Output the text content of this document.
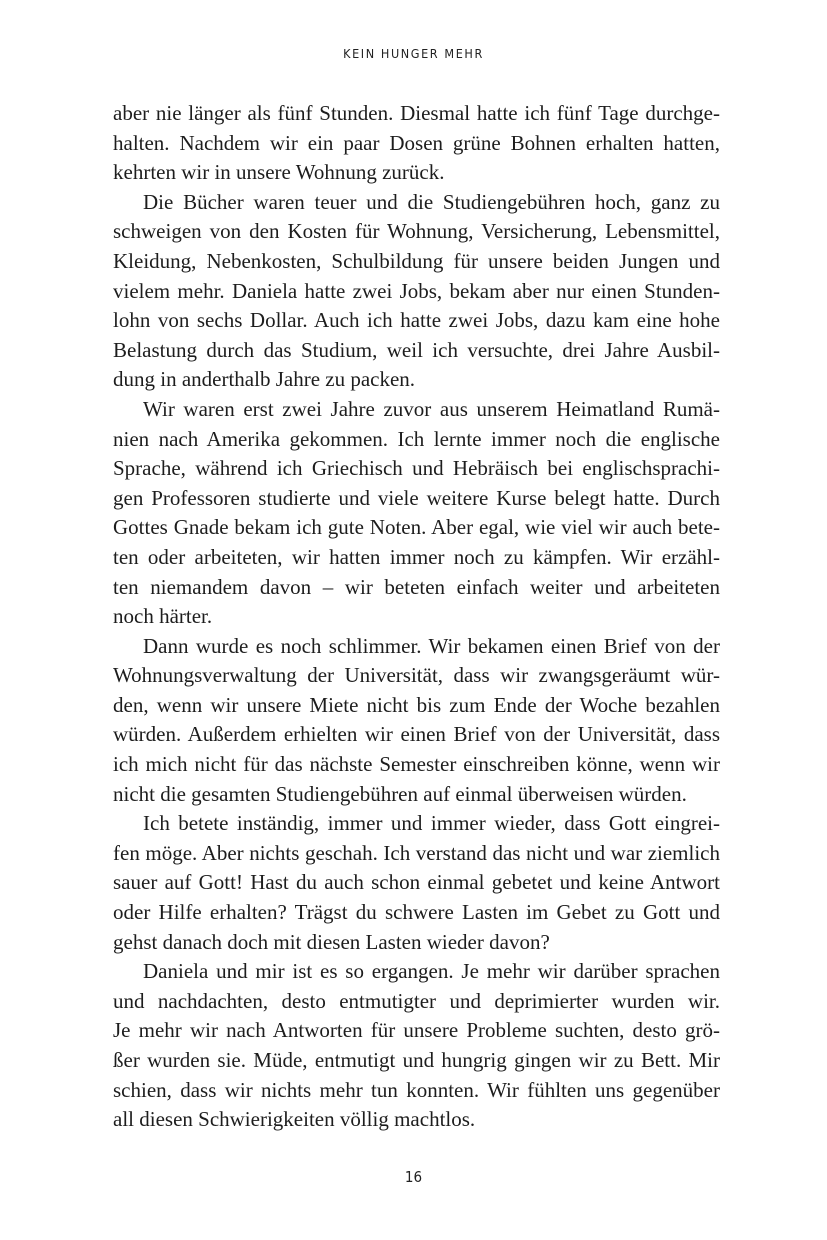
KEIN HUNGER MEHR
aber nie länger als fünf Stunden. Diesmal hatte ich fünf Tage durchge-
halten. Nachdem wir ein paar Dosen grüne Bohnen erhalten hatten,
kehrten wir in unsere Wohnung zurück.
Die Bücher waren teuer und die Studiengebühren hoch, ganz zu
schweigen von den Kosten für Wohnung, Versicherung, Lebensmittel,
Kleidung, Nebenkosten, Schulbildung für unsere beiden Jungen und
vielem mehr. Daniela hatte zwei Jobs, bekam aber nur einen Stunden-
lohn von sechs Dollar. Auch ich hatte zwei Jobs, dazu kam eine hohe
Belastung durch das Studium, weil ich versuchte, drei Jahre Ausbil-
dung in anderthalb Jahre zu packen.
Wir waren erst zwei Jahre zuvor aus unserem Heimatland Rumä-
nien nach Amerika gekommen. Ich lernte immer noch die englische
Sprache, während ich Griechisch und Hebräisch bei englischsprachi-
gen Professoren studierte und viele weitere Kurse belegt hatte. Durch
Gottes Gnade bekam ich gute Noten. Aber egal, wie viel wir auch bete-
ten oder arbeiteten, wir hatten immer noch zu kämpfen. Wir erzähl-
ten niemandem davon – wir beteten einfach weiter und arbeiteten
noch härter.
Dann wurde es noch schlimmer. Wir bekamen einen Brief von der
Wohnungsverwaltung der Universität, dass wir zwangsgeräumt wür-
den, wenn wir unsere Miete nicht bis zum Ende der Woche bezahlen
würden. Außerdem erhielten wir einen Brief von der Universität, dass
ich mich nicht für das nächste Semester einschreiben könne, wenn wir
nicht die gesamten Studiengebühren auf einmal überweisen würden.
Ich betete inständig, immer und immer wieder, dass Gott eingrei-
fen möge. Aber nichts geschah. Ich verstand das nicht und war ziemlich
sauer auf Gott! Hast du auch schon einmal gebetet und keine Antwort
oder Hilfe erhalten? Trägst du schwere Lasten im Gebet zu Gott und
gehst danach doch mit diesen Lasten wieder davon?
Daniela und mir ist es so ergangen. Je mehr wir darüber sprachen
und nachdachten, desto entmutigter und deprimierter wurden wir.
Je mehr wir nach Antworten für unsere Probleme suchten, desto grö-
ßer wurden sie. Müde, entmutigt und hungrig gingen wir zu Bett. Mir
schien, dass wir nichts mehr tun konnten. Wir fühlten uns gegenüber
all diesen Schwierigkeiten völlig machtlos.
16
